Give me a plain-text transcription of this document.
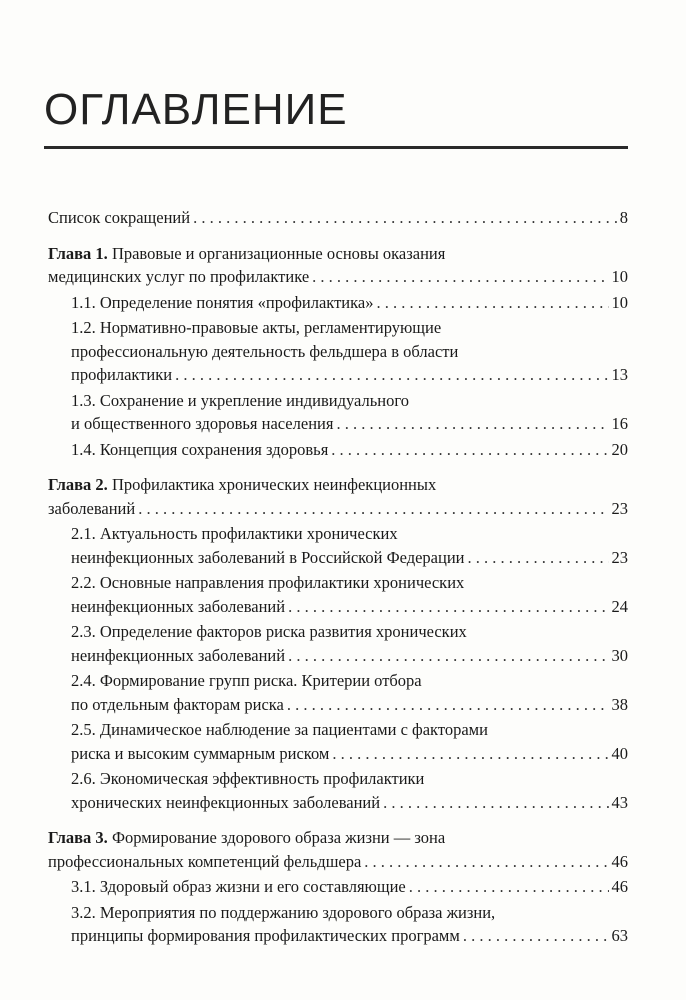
ОГЛАВЛЕНИЕ
Список сокращений . . .	8
Глава 1. Правовые и организационные основы оказания
медицинских услуг по профилактике . . .	10
1.1. Определение понятия «профилактика» . . .	10
1.2. Нормативно-правовые акты, регламентирующие
профессиональную деятельность фельдшера в области
профилактики . . .	13
1.3. Сохранение и укрепление индивидуального
и общественного здоровья населения . . .	16
1.4. Концепция сохранения здоровья . . .	20
Глава 2. Профилактика хронических неинфекционных
заболеваний . . .	23
2.1. Актуальность профилактики хронических
неинфекционных заболеваний в Российской Федерации . . .	23
2.2. Основные направления профилактики хронических
неинфекционных заболеваний . . .	24
2.3. Определение факторов риска развития хронических
неинфекционных заболеваний . . .	30
2.4. Формирование групп риска. Критерии отбора
по отдельным факторам риска . . .	38
2.5. Динамическое наблюдение за пациентами с факторами
риска и высоким суммарным риском . . .	40
2.6. Экономическая эффективность профилактики
хронических неинфекционных заболеваний . . .	43
Глава 3. Формирование здорового образа жизни — зона
профессиональных компетенций фельдшера . . .	46
3.1. Здоровый образ жизни и его составляющие . . .	46
3.2. Мероприятия по поддержанию здорового образа жизни,
принципы формирования профилактических программ . . .	63
